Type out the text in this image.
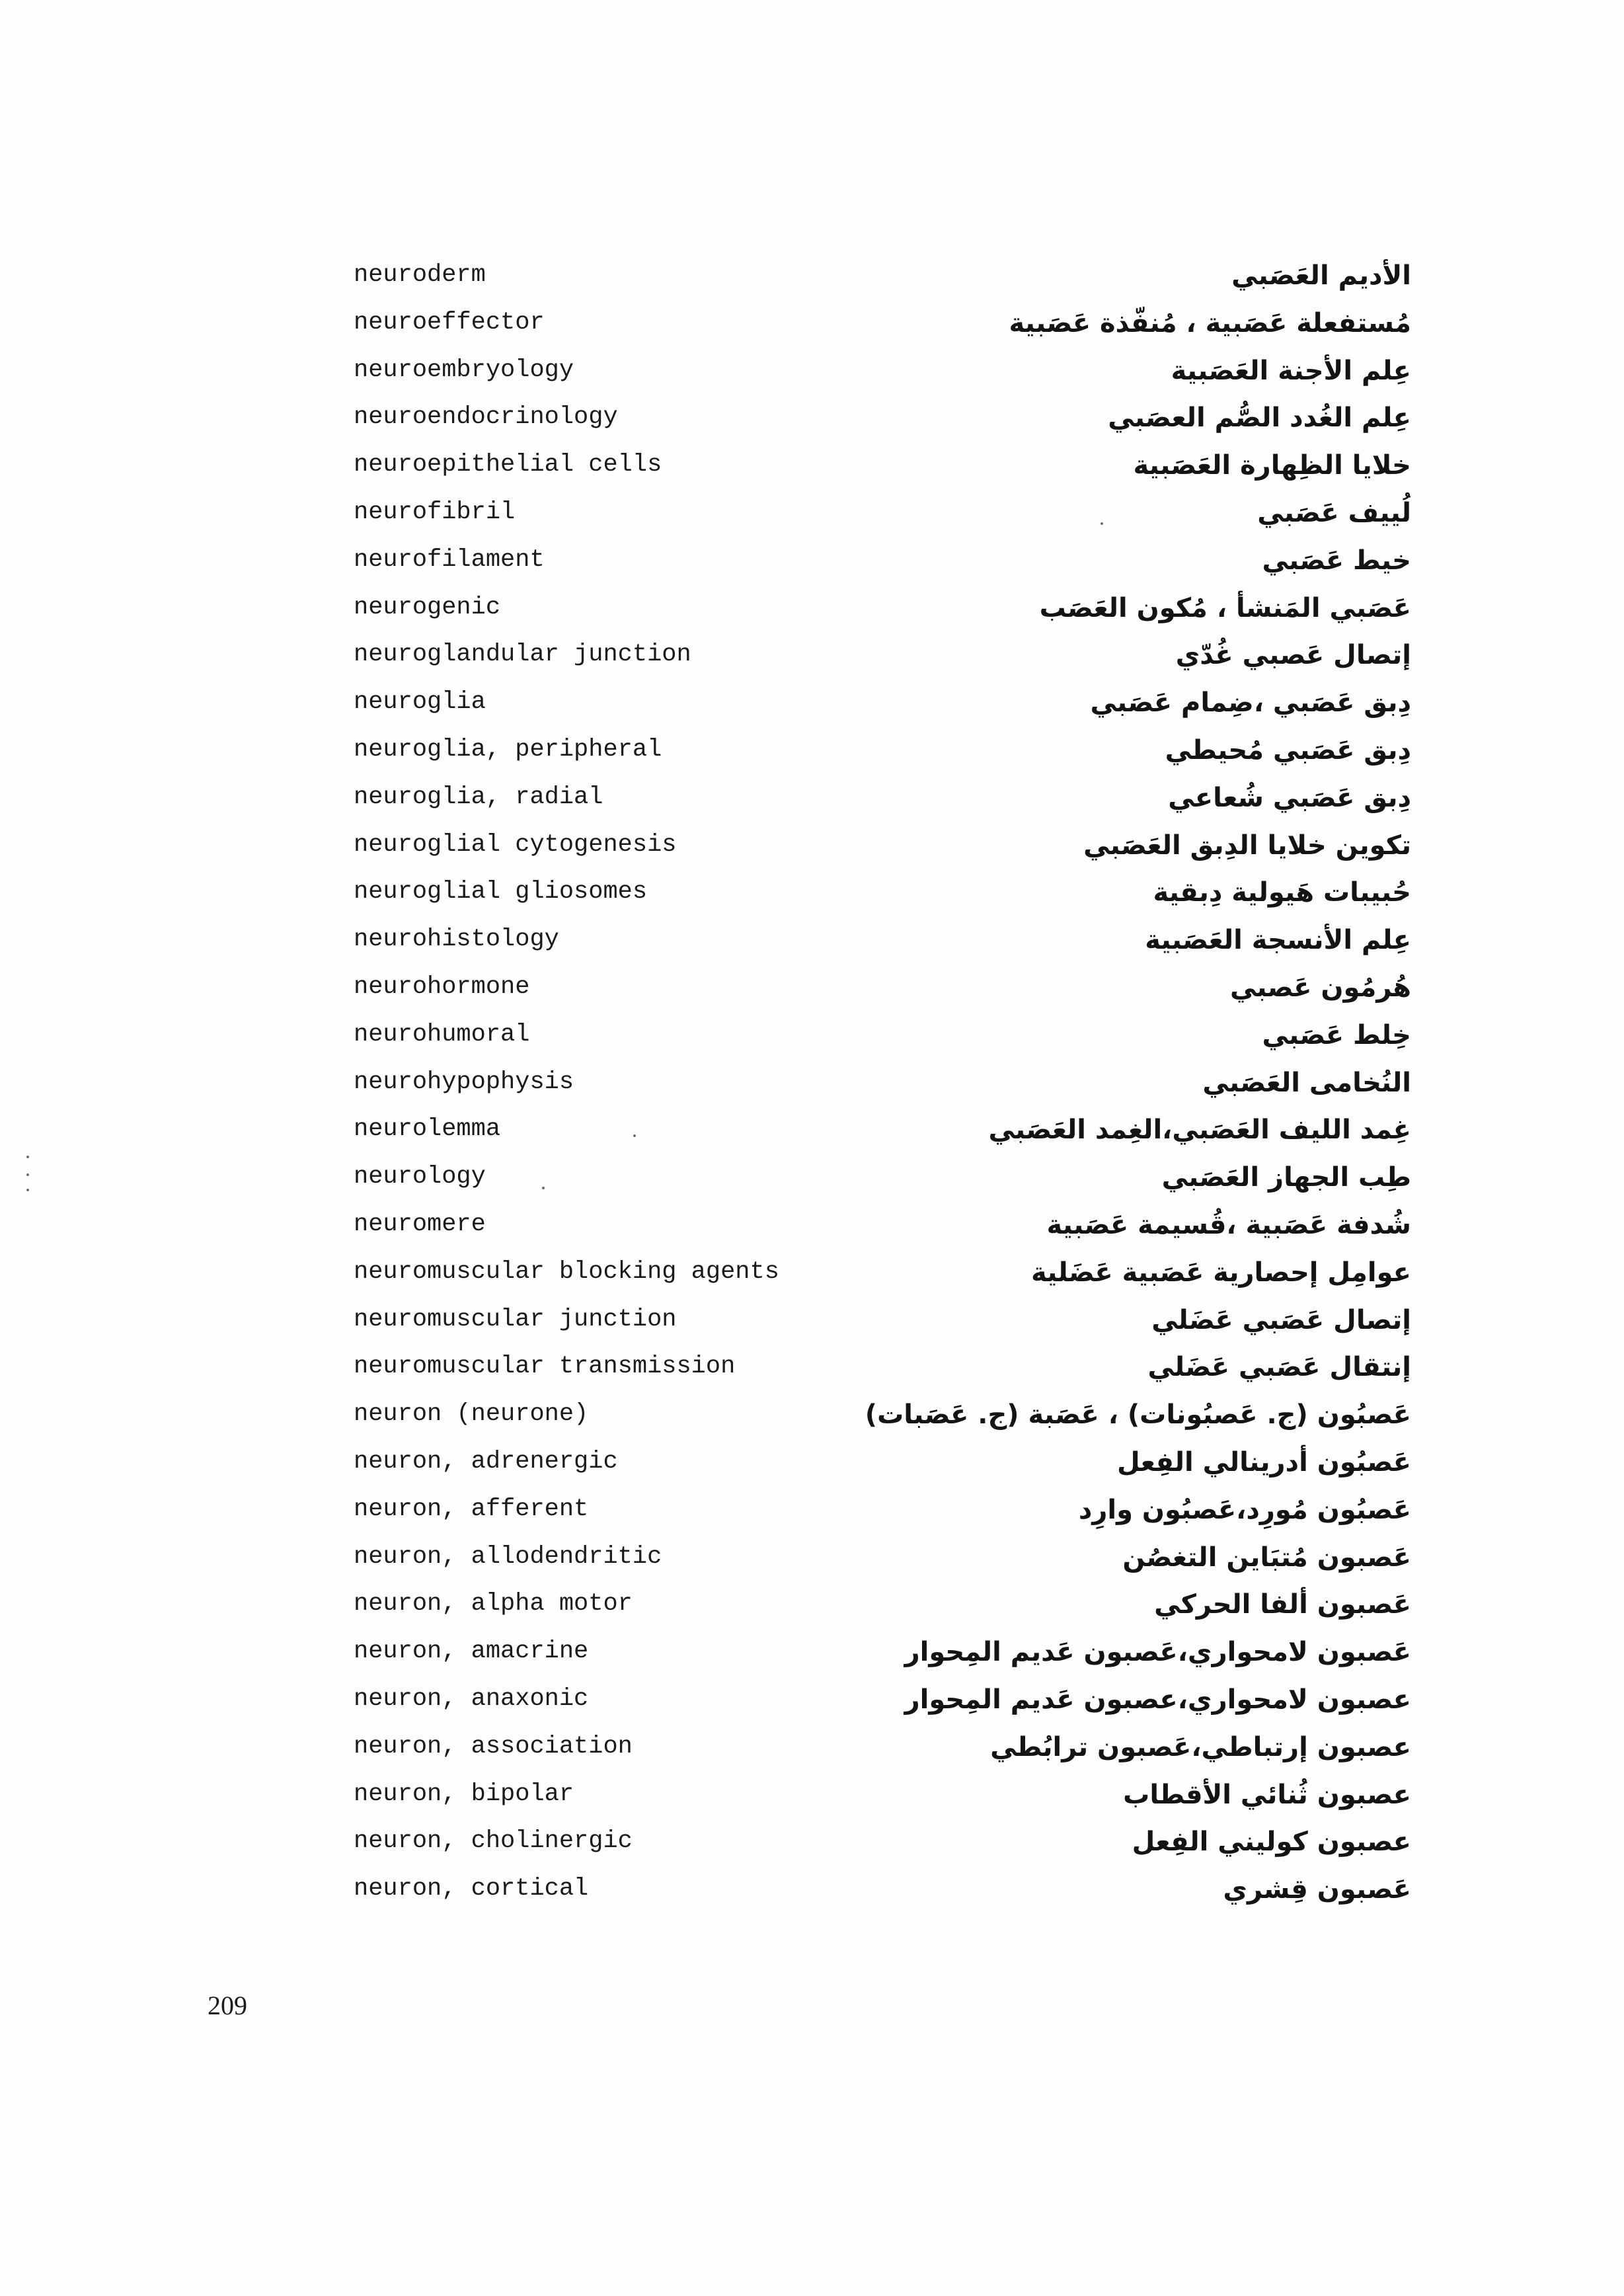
neuroderm	الأديم العَصَبي
neuroeffector	مُستفعلة عَصَبية ، مُنفّذة عَصَبية
neuroembryology	عِلم الأجنة العَصَبية
neuroendocrinology	عِلم الغُدد الصُّم العصَبي
neuroepithelial cells	خلايا الظِهارة العَصَبية
neurofibril	لُييف عَصَبي
neurofilament	خيط عَصَبي
neurogenic	عَصَبي المَنشأ ، مُكون العَصَب
neuroglandular junction	إتصال عَصبي غُدّي
neuroglia	دِبق عَصَبي ،ضِمام عَصَبي
neuroglia, peripheral	دِبق عَصَبي مُحيطي
neuroglia, radial	دِبق عَصَبي شُعاعي
neuroglial cytogenesis	تكوين خلايا الدِبق العَصَبي
neuroglial gliosomes	حُبيبات هَيولية دِبقية
neurohistology	عِلم الأنسجة العَصَبية
neurohormone	هُرمُون عَصبي
neurohumoral	خِلط عَصَبي
neurohypophysis	النُخامى العَصَبي
neurolemma	غِمد الليف العَصَبي،الغِمد العَصَبي
neurology	طِب الجهاز العَصَبي
neuromere	شُدفة عَصَبية ،قُسيمة عَصَبية
neuromuscular blocking agents	عوامِل إحصارية عَصَبية عَضَلية
neuromuscular junction	إتصال عَصَبي عَضَلي
neuromuscular transmission	إنتقال عَصَبي عَضَلي
neuron (neurone)	عَصبُون (ج. عَصبُونات) ، عَصَبة (ج. عَصَبات)
neuron, adrenergic	عَصبُون أدرينالي الفِعل
neuron, afferent	عَصبُون مُورِد،عَصبُون وارِد
neuron, allodendritic	عَصبون مُتبَاين التغصُن
neuron, alpha motor	عَصبون ألفا الحركي
neuron, amacrine	عَصبون لامحواري،عَصبون عَديم المِحوار
neuron, anaxonic	عصبون لامحواري،عصبون عَديم المِحوار
neuron, association	عصبون إرتباطي،عَصبون ترابُطي
neuron, bipolar	عصبون ثُنائي الأقطاب
neuron, cholinergic	عصبون كوليني الفِعل
neuron, cortical	عَصبون قِشري
209
